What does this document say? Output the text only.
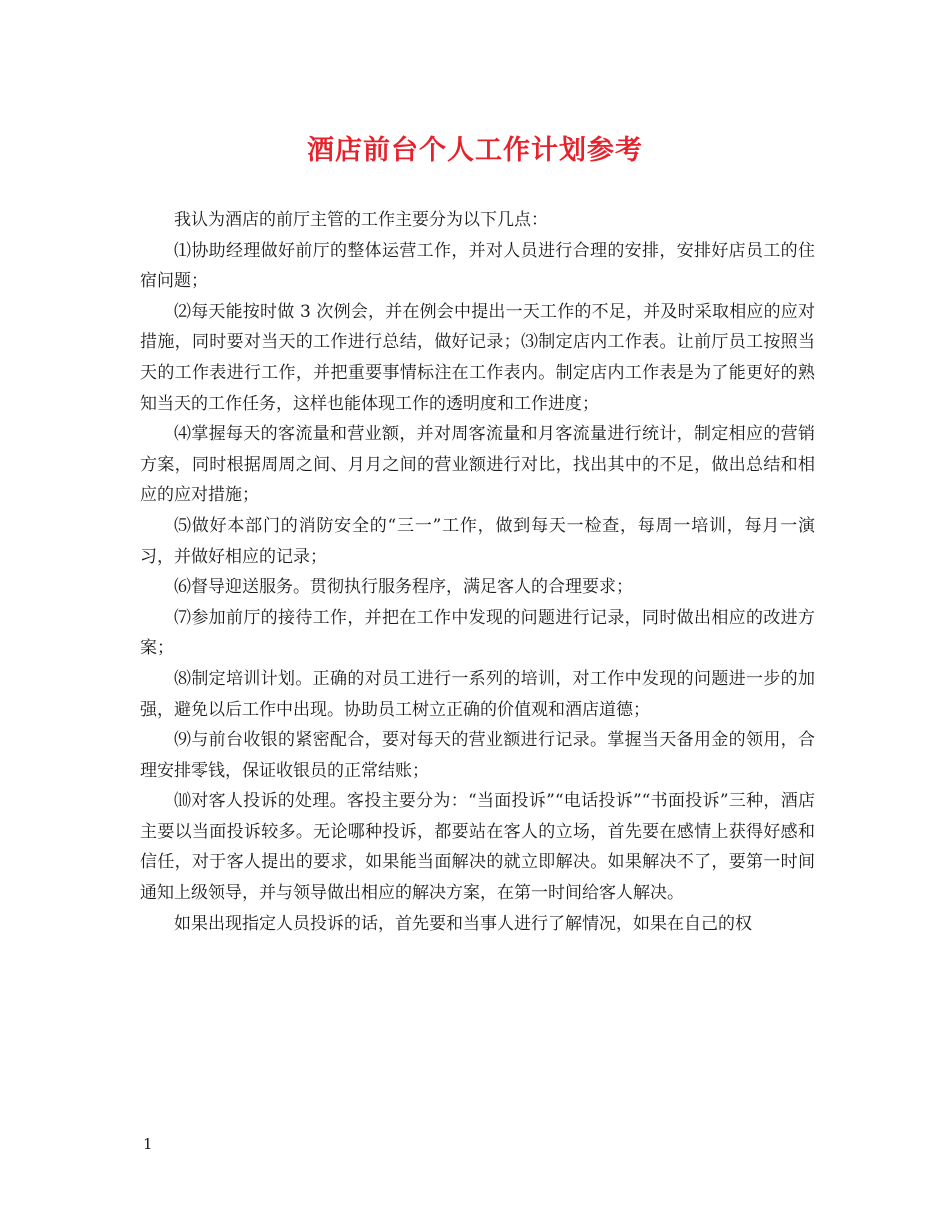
酒店前台个人工作计划参考

我认为酒店的前厅主管的工作主要分为以下几点：

⑴协助经理做好前厅的整体运营工作，并对人员进行合理的安排，安排好店员工的住宿问题；

⑵每天能按时做 3 次例会，并在例会中提出一天工作的不足，并及时采取相应的应对措施，同时要对当天的工作进行总结，做好记录；⑶制定店内工作表。让前厅员工按照当天的工作表进行工作，并把重要事情标注在工作表内。制定店内工作表是为了能更好的熟知当天的工作任务，这样也能体现工作的透明度和工作进度；

⑷掌握每天的客流量和营业额，并对周客流量和月客流量进行统计，制定相应的营销方案，同时根据周周之间、月月之间的营业额进行对比，找出其中的不足，做出总结和相应的应对措施；

⑸做好本部门的消防安全的“三一”工作，做到每天一检查，每周一培训，每月一演习，并做好相应的记录；

⑹督导迎送服务。贯彻执行服务程序，满足客人的合理要求；

⑺参加前厅的接待工作，并把在工作中发现的问题进行记录，同时做出相应的改进方案；

⑻制定培训计划。正确的对员工进行一系列的培训，对工作中发现的问题进一步的加强，避免以后工作中出现。协助员工树立正确的价值观和酒店道德；

⑼与前台收银的紧密配合，要对每天的营业额进行记录。掌握当天备用金的领用，合理安排零钱，保证收银员的正常结账；

⑽对客人投诉的处理。客投主要分为：“当面投诉”“电话投诉”“书面投诉”三种，酒店主要以当面投诉较多。无论哪种投诉，都要站在客人的立场，首先要在感情上获得好感和信任，对于客人提出的要求，如果能当面解决的就立即解决。如果解决不了，要第一时间通知上级领导，并与领导做出相应的解决方案，在第一时间给客人解决。

如果出现指定人员投诉的话，首先要和当事人进行了解情况，如果在自己的权

1
